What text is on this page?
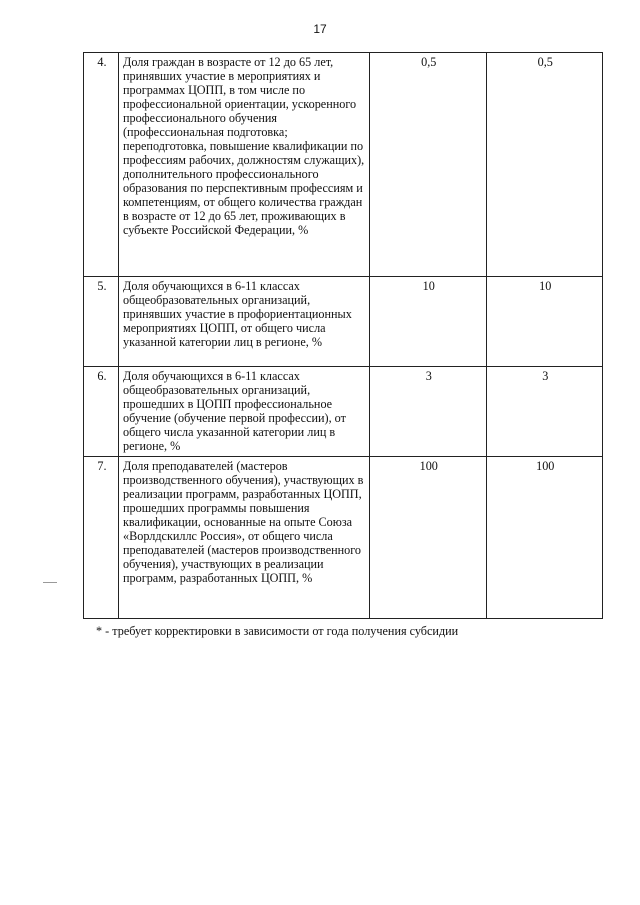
17
4.	Доля граждан в возрасте от 12 до 65 лет, принявших участие в мероприятиях и программах ЦОПП, в том числе по профессиональной ориентации, ускоренного профессионального обучения (профессиональная подготовка; переподготовка, повышение квалификации по профессиям рабочих, должностям служащих), дополнительного профессионального образования по перспективным профессиям и компетенциям, от общего количества граждан в возрасте от 12 до 65 лет, проживающих в субъекте Российской Федерации, %	0,5	0,5
5.	Доля обучающихся в 6-11 классах общеобразовательных организаций, принявших участие в профориентационных мероприятиях ЦОПП, от общего числа указанной категории лиц в регионе, %	10	10
6.	Доля обучающихся в 6-11 классах общеобразовательных организаций, прошедших в ЦОПП профессиональное обучение (обучение первой профессии), от общего числа указанной категории лиц в регионе, %	3	3
7.	Доля преподавателей (мастеров производственного обучения), участвующих в реализации программ, разработанных ЦОПП, прошедших программы повышения квалификации, основанные на опыте Союза «Ворлдскиллс Россия», от общего числа преподавателей (мастеров производственного обучения), участвующих в реализации программ, разработанных ЦОПП, %	100	100
* - требует корректировки в зависимости от года получения субсидии
